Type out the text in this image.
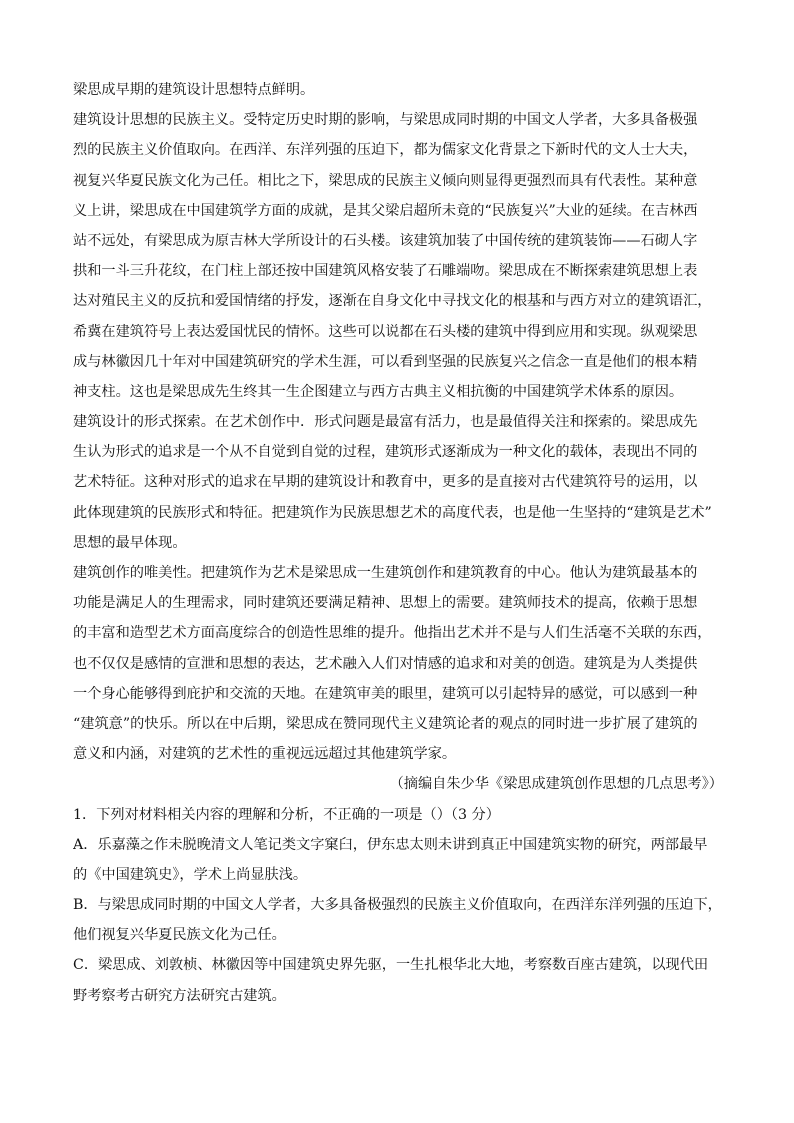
梁思成早期的建筑设计思想特点鲜明。
建筑设计思想的民族主义。受特定历史时期的影响，与梁思成同时期的中国文人学者，大多具备极强
烈的民族主义价值取向。在西洋、东洋列强的压迫下，都为儒家文化背景之下新时代的文人士大夫，
视复兴华夏民族文化为己任。相比之下，梁思成的民族主义倾向则显得更强烈而具有代表性。某种意
义上讲，梁思成在中国建筑学方面的成就，是其父梁启超所未竟的“民族复兴”大业的延续。在吉林西
站不远处，有梁思成为原吉林大学所设计的石头楼。该建筑加装了中国传统的建筑装饰——石砌人字
拱和一斗三升花纹，在门柱上部还按中国建筑风格安装了石雕端吻。梁思成在不断探索建筑思想上表
达对殖民主义的反抗和爱国情绪的抒发，逐渐在自身文化中寻找文化的根基和与西方对立的建筑语汇，
希冀在建筑符号上表达爱国忧民的情怀。这些可以说都在石头楼的建筑中得到应用和实现。纵观梁思
成与林徽因几十年对中国建筑研究的学术生涯，可以看到坚强的民族复兴之信念一直是他们的根本精
神支柱。这也是梁思成先生终其一生企图建立与西方古典主义相抗衡的中国建筑学术体系的原因。
建筑设计的形式探索。在艺术创作中．形式问题是最富有活力，也是最值得关注和探索的。梁思成先
生认为形式的追求是一个从不自觉到自觉的过程，建筑形式逐渐成为一种文化的载体，表现出不同的
艺术特征。这种对形式的追求在早期的建筑设计和教育中，更多的是直接对古代建筑符号的运用，以
此体现建筑的民族形式和特征。把建筑作为民族思想艺术的高度代表，也是他一生坚持的“建筑是艺术”
思想的最早体现。
建筑创作的唯美性。把建筑作为艺术是梁思成一生建筑创作和建筑教育的中心。他认为建筑最基本的
功能是满足人的生理需求，同时建筑还要满足精神、思想上的需要。建筑师技术的提高，依赖于思想
的丰富和造型艺术方面高度综合的创造性思维的提升。他指出艺术并不是与人们生活毫不关联的东西，
也不仅仅是感情的宣泄和思想的表达，艺术融入人们对情感的追求和对美的创造。建筑是为人类提供
一个身心能够得到庇护和交流的天地。在建筑审美的眼里，建筑可以引起特异的感觉，可以感到一种
“建筑意”的快乐。所以在中后期，梁思成在赞同现代主义建筑论者的观点的同时进一步扩展了建筑的
意义和内涵，对建筑的艺术性的重视远远超过其他建筑学家。
（摘编自朱少华《梁思成建筑创作思想的几点思考》）
1．下列对材料相关内容的理解和分析，不正确的一项是（）（3 分）
A．乐嘉藻之作未脱晚清文人笔记类文字窠臼，伊东忠太则未讲到真正中国建筑实物的研究，两部最早
的《中国建筑史》，学术上尚显肤浅。
B．与梁思成同时期的中国文人学者，大多具备极强烈的民族主义价值取向，在西洋东洋列强的压迫下，
他们视复兴华夏民族文化为己任。
C．梁思成、刘敦桢、林徽因等中国建筑史界先驱，一生扎根华北大地，考察数百座古建筑，以现代田
野考察考古研究方法研究古建筑。
